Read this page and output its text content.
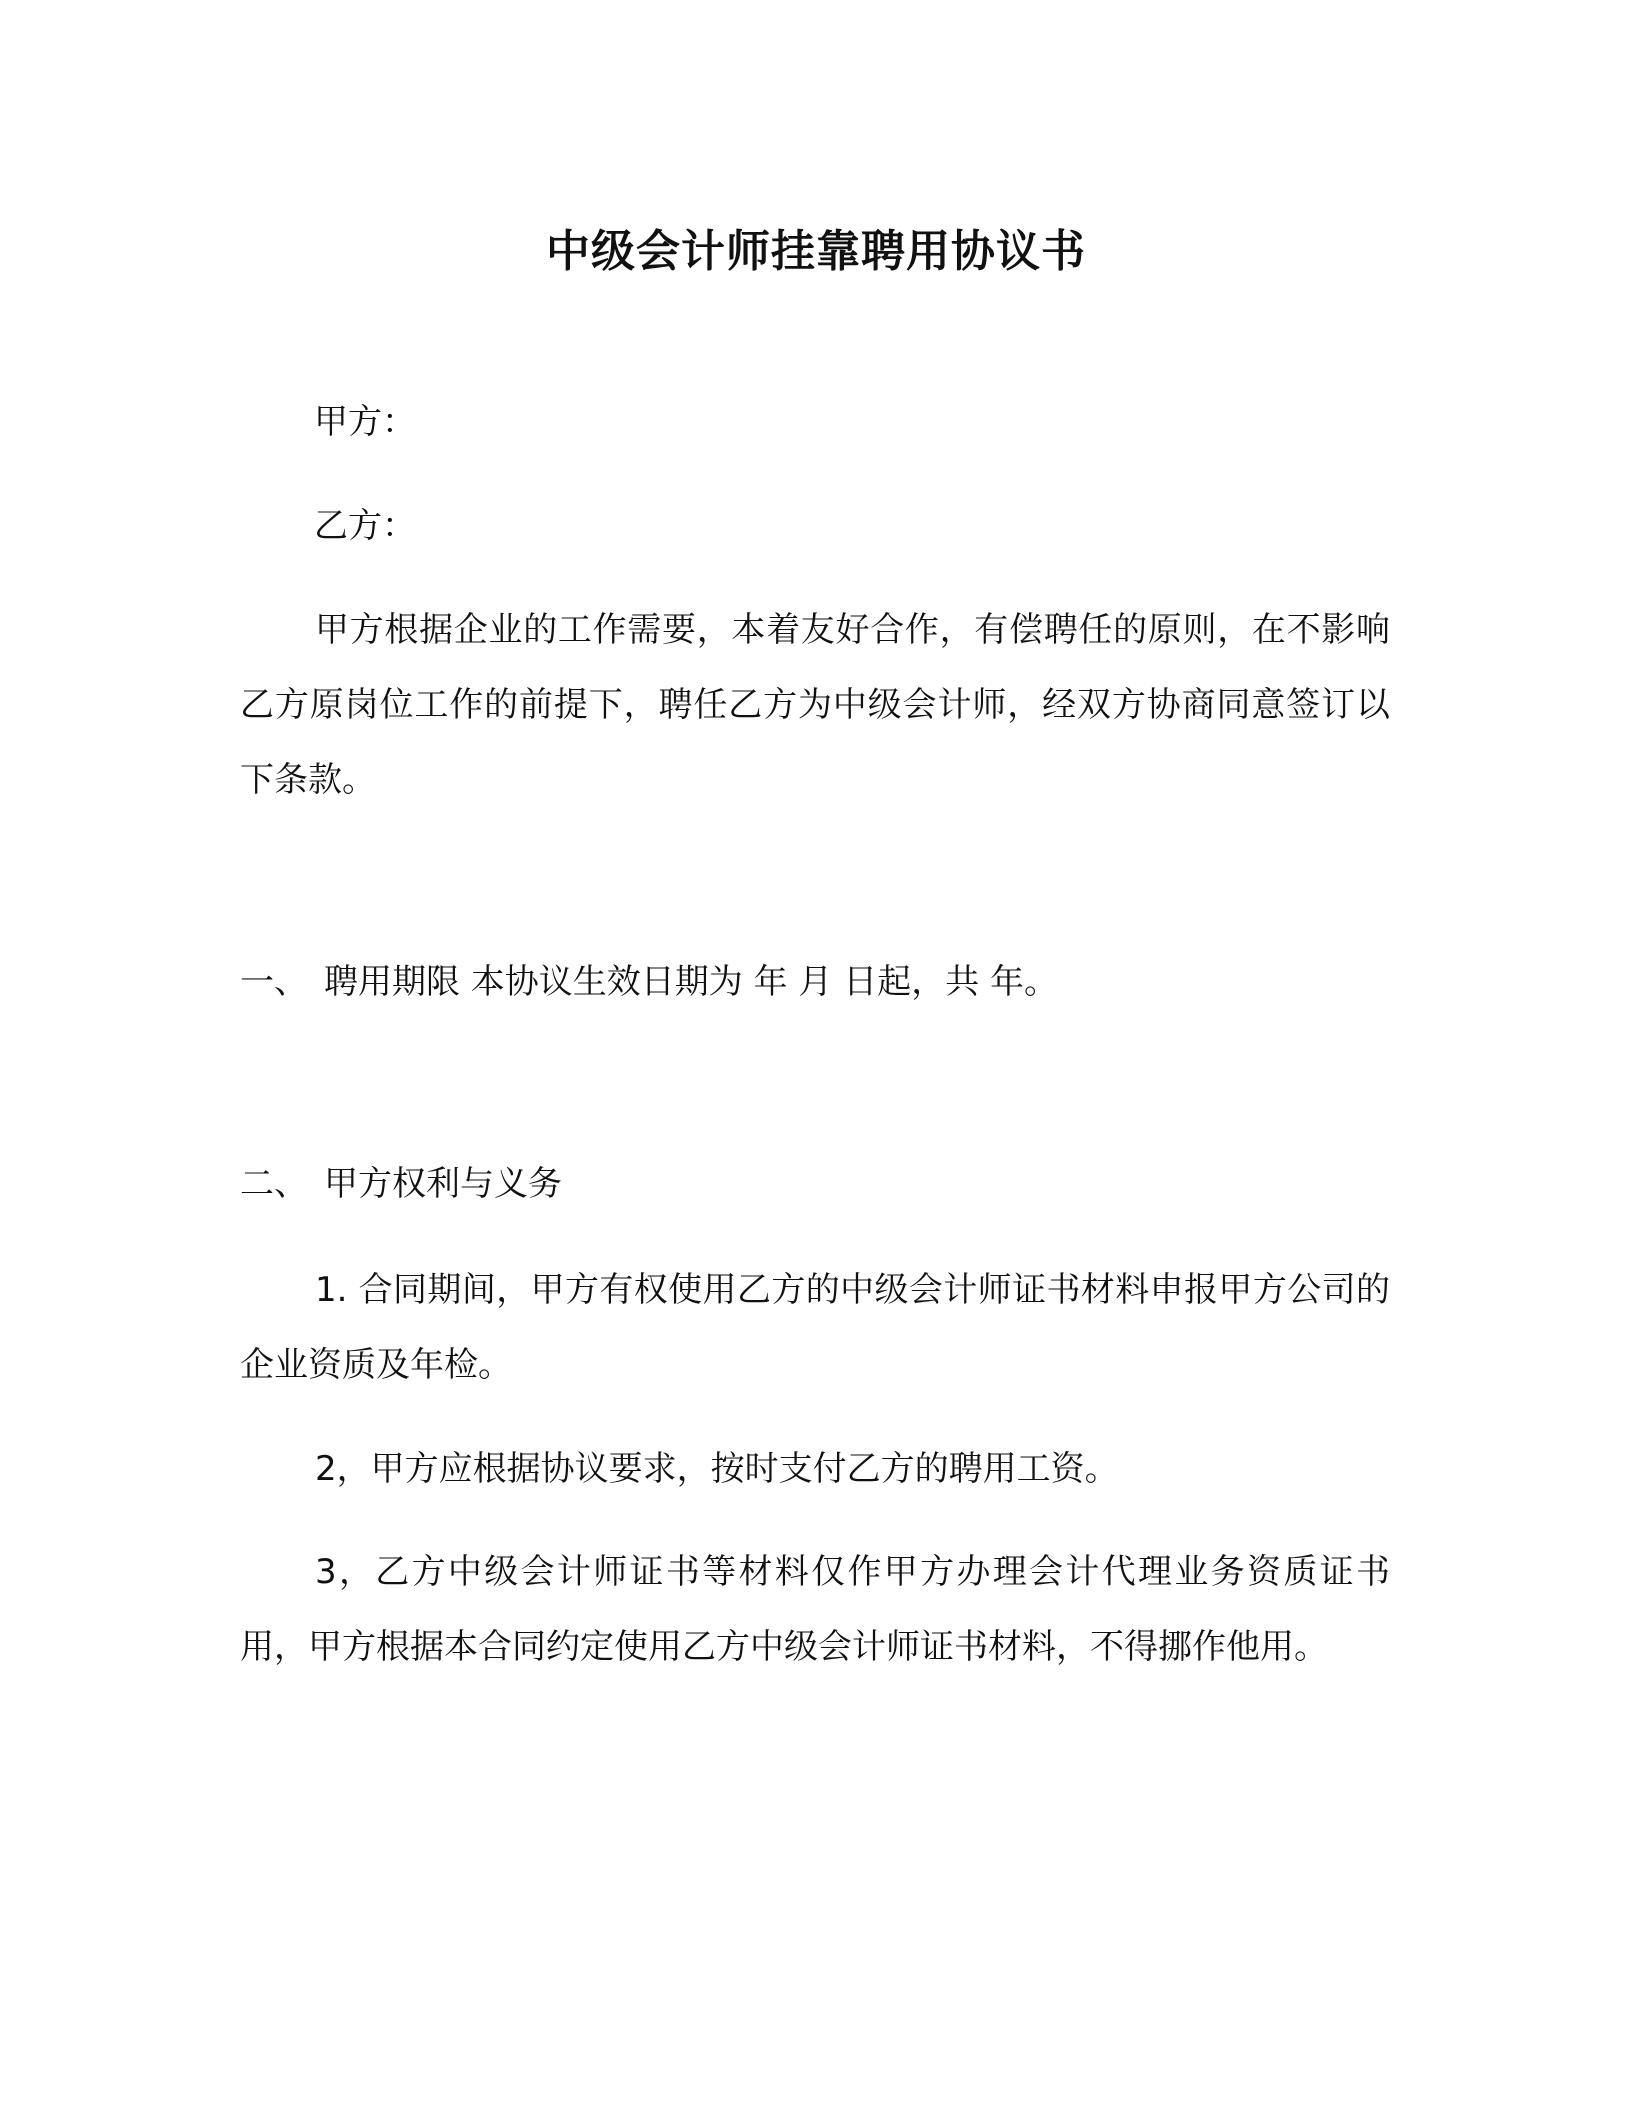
中级会计师挂靠聘用协议书
甲方：
乙方：
甲方根据企业的工作需要，本着友好合作，有偿聘任的原则，在不影响乙方原岗位工作的前提下，聘任乙方为中级会计师，经双方协商同意签订以下条款。
一、 聘用期限 本协议生效日期为 年 月 日起，共 年。
二、 甲方权利与义务
1. 合同期间，甲方有权使用乙方的中级会计师证书材料申报甲方公司的企业资质及年检。
2，甲方应根据协议要求，按时支付乙方的聘用工资。
3，乙方中级会计师证书等材料仅作甲方办理会计代理业务资质证书用，甲方根据本合同约定使用乙方中级会计师证书材料，不得挪作他用。
